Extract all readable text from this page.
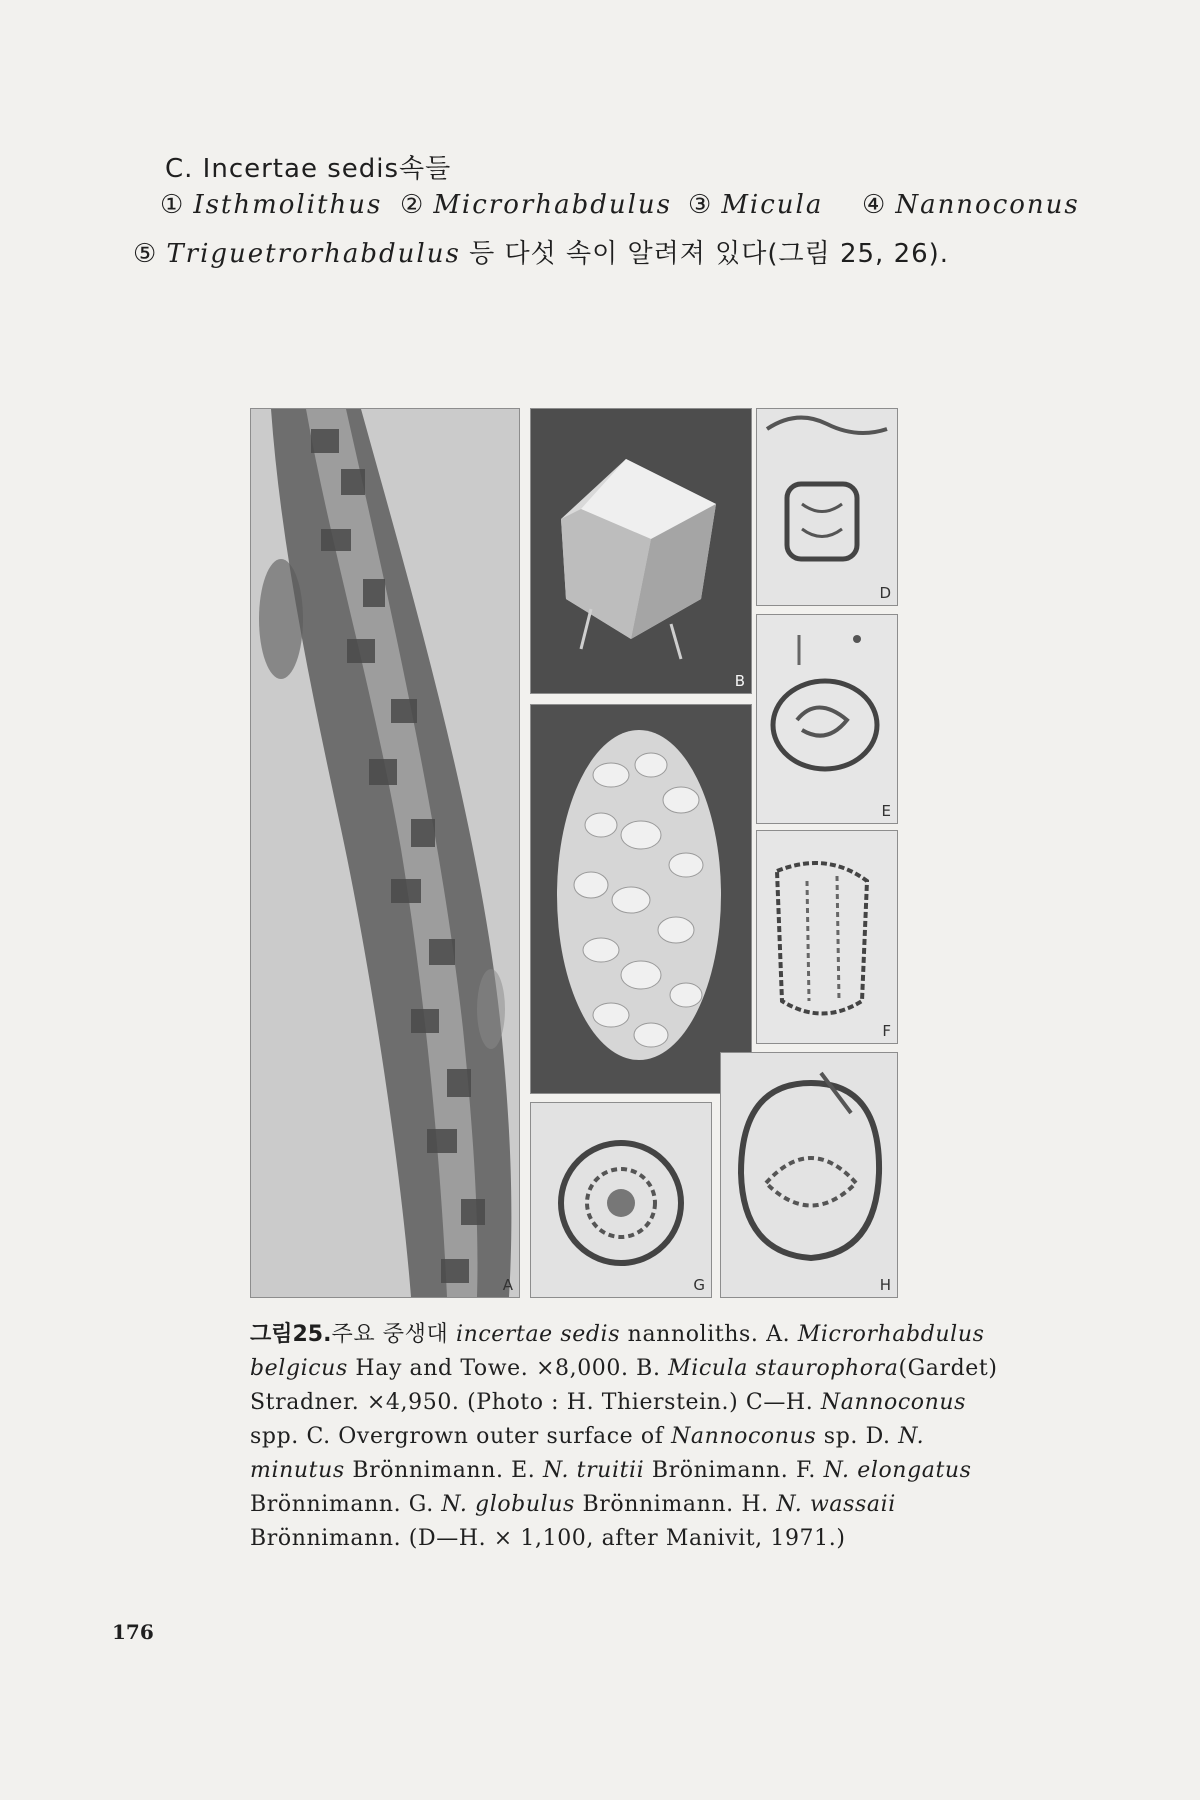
C. Incertae sedis속들
① Isthmolithus ② Microrhabdulus ③ Micula ④ Nannoconus
⑤ Triguetrorhabdulus 등 다섯 속이 알려져 있다(그림 25, 26).
A
B
D
E
F
G	H
그림25.주요 중생대 incertae sedis nannoliths. A. Microrhabdulus belgicus Hay and Towe. ×8,000. B. Micula staurophora(Gardet) Stradner. ×4,950. (Photo : H. Thierstein.) C—H. Nannoconus spp. C. Overgrown outer surface of Nannoconus sp. D. N. minutus Brönnimann. E. N. truitii Brönimann. F. N. elongatus Brönnimann. G. N. globulus Brönnimann. H. N. wassaii Brönnimann. (D—H. × 1,100, after Manivit, 1971.)
176
